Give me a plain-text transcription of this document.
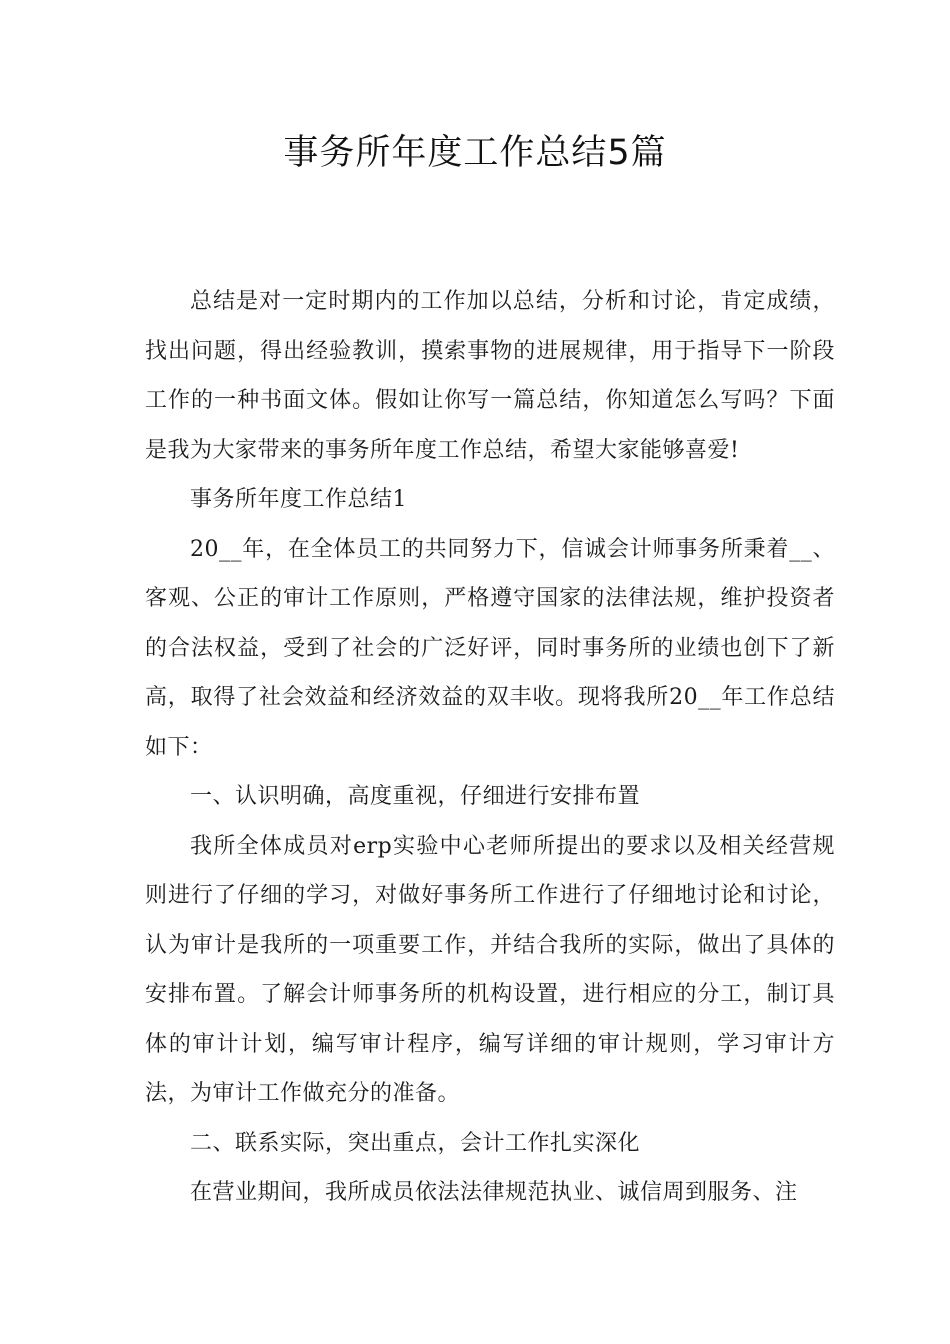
事务所年度工作总结5篇

总结是对一定时期内的工作加以总结，分析和讨论，肯定成绩，找出问题，得出经验教训，摸索事物的进展规律，用于指导下一阶段工作的一种书面文体。假如让你写一篇总结，你知道怎么写吗？下面是我为大家带来的事务所年度工作总结，希望大家能够喜爱!

事务所年度工作总结1

20__年，在全体员工的共同努力下，信诚会计师事务所秉着__、客观、公正的审计工作原则，严格遵守国家的法律法规，维护投资者的合法权益，受到了社会的广泛好评，同时事务所的业绩也创下了新高，取得了社会效益和经济效益的双丰收。现将我所20__年工作总结如下：

一、认识明确，高度重视，仔细进行安排布置

我所全体成员对erp实验中心老师所提出的要求以及相关经营规则进行了仔细的学习，对做好事务所工作进行了仔细地讨论和讨论，认为审计是我所的一项重要工作，并结合我所的实际，做出了具体的安排布置。了解会计师事务所的机构设置，进行相应的分工，制订具体的审计计划，编写审计程序，编写详细的审计规则，学习审计方法，为审计工作做充分的准备。

二、联系实际，突出重点，会计工作扎实深化

在营业期间，我所成员依法法律规范执业、诚信周到服务、注
